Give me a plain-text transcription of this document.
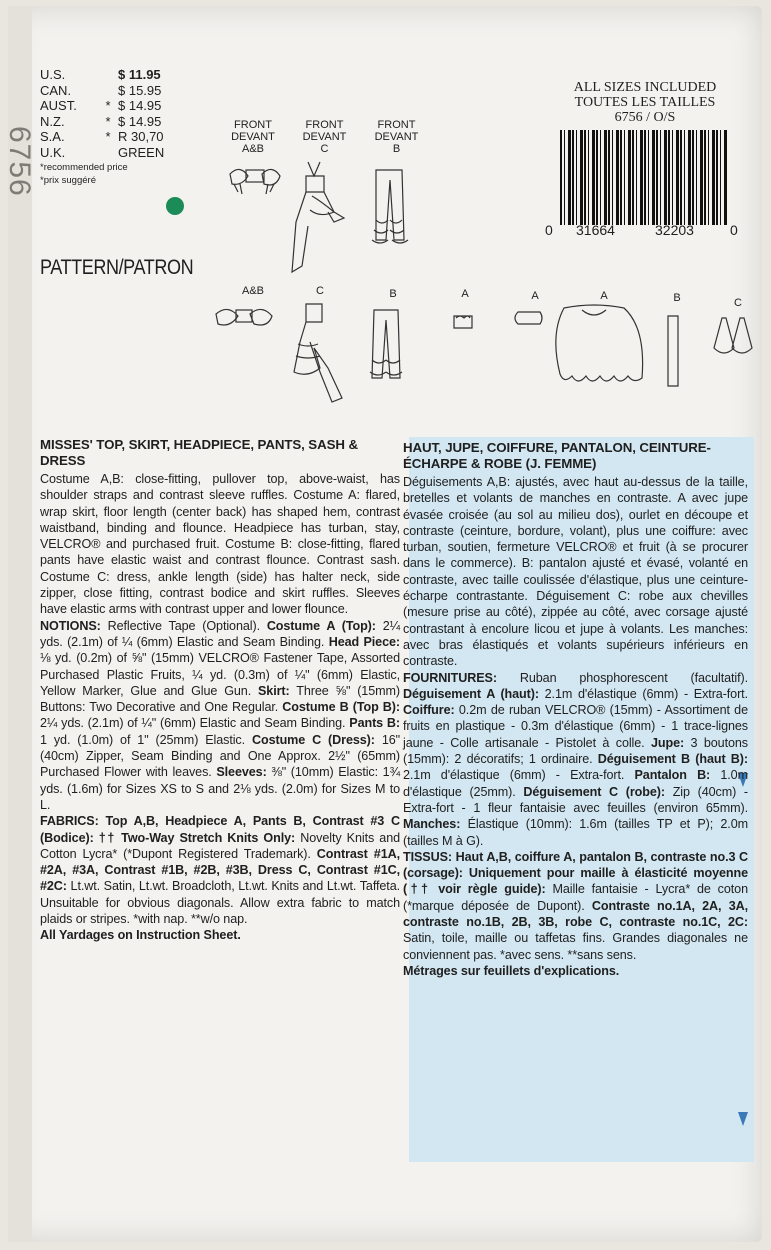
6756
U.S.	$ 11.95
CAN.	$ 15.95
AUST.	* $ 14.95
N.Z.	* $ 14.95
S.A.	* R 30,70
U.K.	GREEN
*recommended price
*prix suggéré
PATTERN/PATRON
ALL SIZES INCLUDED
TOUTES LES TAILLES
6756 / O/S
0 31664	32203	0
FRONT
DEVANT
A&B
FRONT
DEVANT
C
FRONT
DEVANT
B
A&B	C	B	A	A	A	B	C
MISSES' TOP, SKIRT, HEADPIECE, PANTS, SASH & DRESS

Costume A,B: close-fitting, pullover top, above-waist, has shoulder straps and contrast sleeve ruffles. Costume A: flared, wrap skirt, floor length (center back) has shaped hem, contrast waistband, binding and flounce. Headpiece has turban, stay, VELCRO® and purchased fruit. Costume B: close-fitting, flared pants have elastic waist and contrast flounce. Contrast sash. Costume C: dress, ankle length (side) has halter neck, side zipper, close fitting, contrast bodice and skirt ruffles. Sleeves have elastic arms with contrast upper and lower flounce.

NOTIONS: Reflective Tape (Optional). Costume A (Top): 2¼ yds. (2.1m) of ¼ (6mm) Elastic and Seam Binding. Head Piece: ⅛ yd. (0.2m) of ⅝" (15mm) VELCRO® Fastener Tape, Assorted Purchased Plastic Fruits, ¼ yd. (0.3m) of ¼" (6mm) Elastic, Yellow Marker, Glue and Glue Gun. Skirt: Three ⅝" (15mm) Buttons: Two Decorative and One Regular. Costume B (Top B): 2¼ yds. (2.1m) of ¼" (6mm) Elastic and Seam Binding. Pants B: 1 yd. (1.0m) of 1" (25mm) Elastic. Costume C (Dress): 16" (40cm) Zipper, Seam Binding and One Approx. 2½" (65mm) Purchased Flower with leaves. Sleeves: ⅜" (10mm) Elastic: 1¾ yds. (1.6m) for Sizes XS to S and 2⅛ yds. (2.0m) for Sizes M to L.

FABRICS: Top A,B, Headpiece A, Pants B, Contrast #3 C (Bodice): †† Two-Way Stretch Knits Only: Novelty Knits and Cotton Lycra* (*Dupont Registered Trademark). Contrast #1A, #2A, #3A, Contrast #1B, #2B, #3B, Dress C, Contrast #1C, #2C: Lt.wt. Satin, Lt.wt. Broadcloth, Lt.wt. Knits and Lt.wt. Taffeta. Unsuitable for obvious diagonals. Allow extra fabric to match plaids or stripes. *with nap. **w/o nap.

All Yardages on Instruction Sheet.

HAUT, JUPE, COIFFURE, PANTALON, CEINTURE-ÉCHARPE & ROBE (J. FEMME)

Déguisements A,B: ajustés, avec haut au-dessus de la taille, bretelles et volants de manches en contraste. A avec jupe évasée croisée (au sol au milieu dos), ourlet en découpe et contraste (ceinture, bordure, volant), plus une coiffure: avec turban, soutien, fermeture VELCRO® et fruit (à se procurer dans le commerce). B: pantalon ajusté et évasé, volanté en contraste, avec taille coulissée d'élastique, plus une ceinture-écharpe contrastante. Déguisement C: robe aux chevilles (mesure prise au côté), zippée au côté, avec corsage ajusté contrastant à encolure licou et jupe à volants. Les manches: avec bras élastiqués et volants supérieurs inférieurs en contraste.

FOURNITURES: Ruban phosphorescent (facultatif). Déguisement A (haut): 2.1m d'élastique (6mm) - Extra-fort. Coiffure: 0.2m de ruban VELCRO® (15mm) - Assortiment de fruits en plastique - 0.3m d'élastique (6mm) - 1 trace-lignes jaune - Colle artisanale - Pistolet à colle. Jupe: 3 boutons (15mm): 2 décoratifs; 1 ordinaire. Déguisement B (haut B): 2.1m d'élastique (6mm) - Extra-fort. Pantalon B: 1.0m d'élastique (25mm). Déguisement C (robe): Zip (40cm) - Extra-fort - 1 fleur fantaisie avec feuilles (environ 65mm). Manches: Élastique (10mm): 1.6m (tailles TP et P); 2.0m (tailles M à G).

TISSUS: Haut A,B, coiffure A, pantalon B, contraste no.3 C (corsage): Uniquement pour maille à élasticité moyenne (†† voir règle guide): Maille fantaisie - Lycra* de coton (*marque déposée de Dupont). Contraste no.1A, 2A, 3A, contraste no.1B, 2B, 3B, robe C, contraste no.1C, 2C: Satin, toile, maille ou taffetas fins. Grandes diagonales ne conviennent pas. *avec sens. **sans sens.

Métrages sur feuillets d'explications.
